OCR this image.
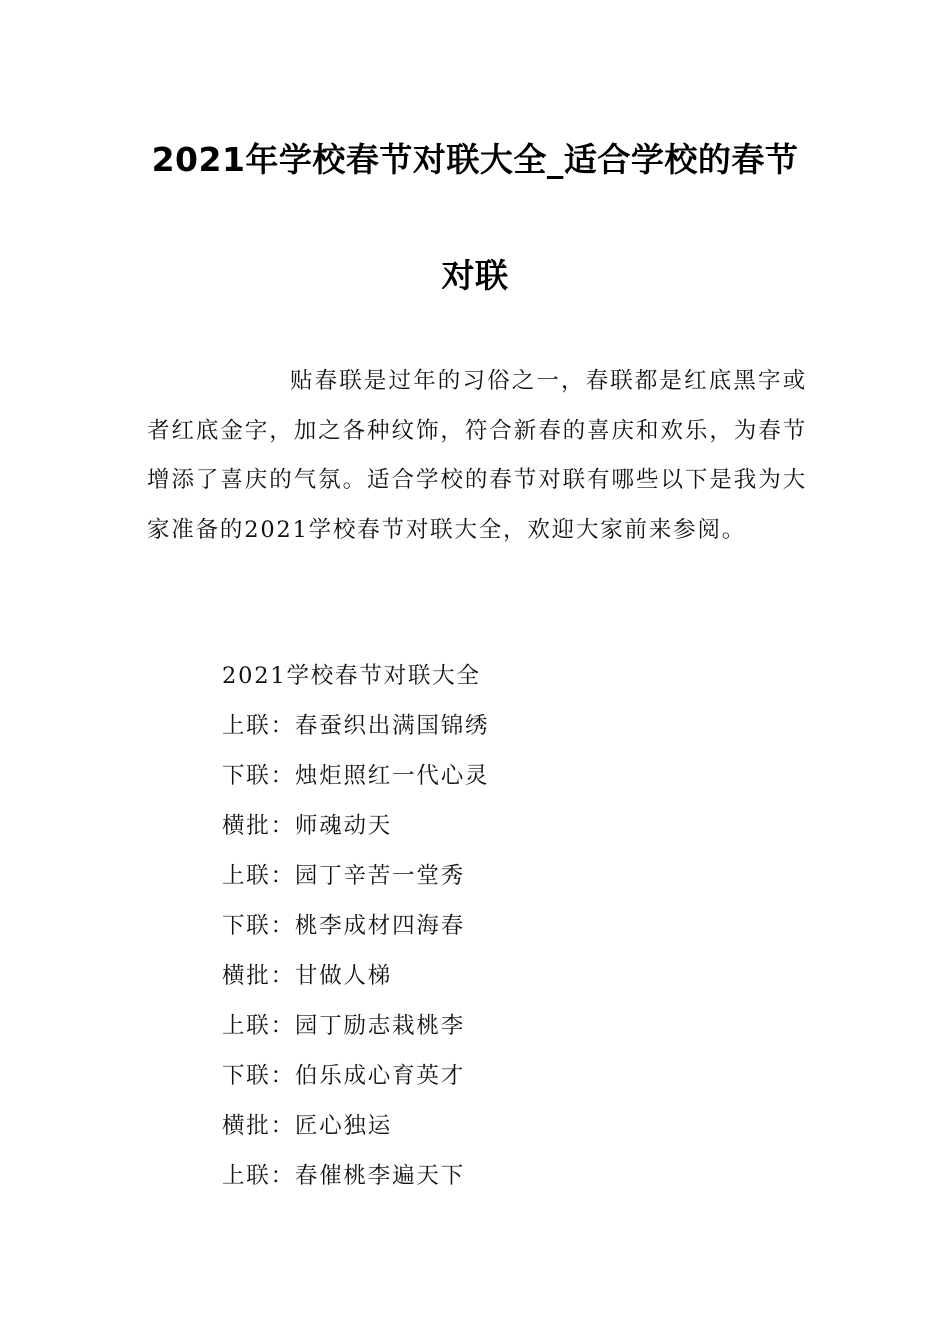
2021年学校春节对联大全_适合学校的春节
对联

贴春联是过年的习俗之一，春联都是红底黑字或者红底金字，加之各种纹饰，符合新春的喜庆和欢乐，为春节增添了喜庆的气氛。适合学校的春节对联有哪些以下是我为大家准备的2021学校春节对联大全，欢迎大家前来参阅。

2021学校春节对联大全
上联：春蚕织出满国锦绣
下联：烛炬照红一代心灵
横批：师魂动天
上联：园丁辛苦一堂秀
下联：桃李成材四海春
横批：甘做人梯
上联：园丁励志栽桃李
下联：伯乐成心育英才
横批：匠心独运
上联：春催桃李遍天下
